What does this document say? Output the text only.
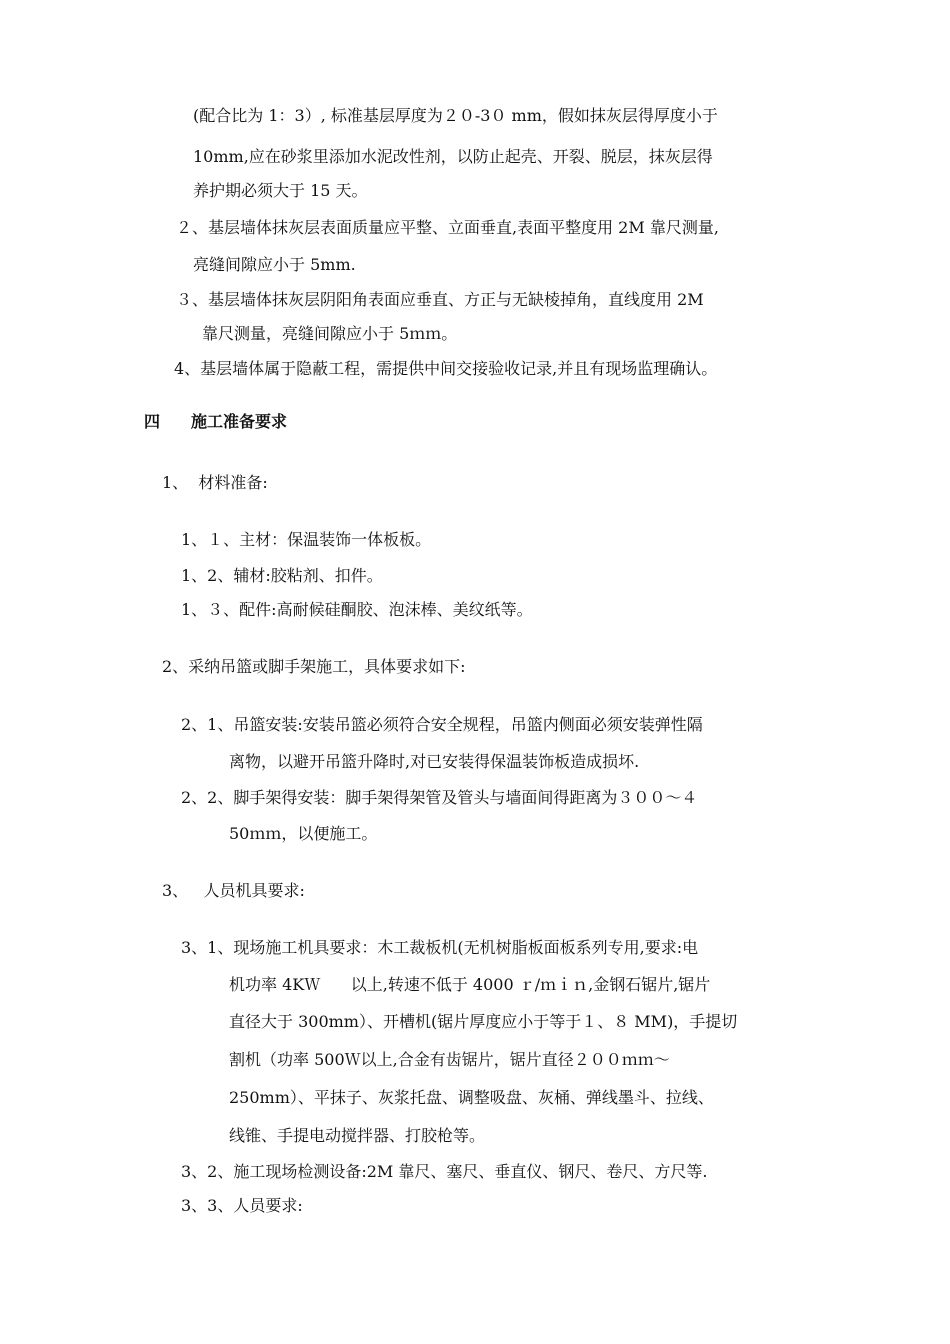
(配合比为 1：3）, 标准基层厚度为２０-3０ mm，假如抹灰层得厚度小于
10mm,应在砂浆里添加水泥改性剂，以防止起壳、开裂、脱层，抹灰层得
养护期必须大于 15 天。
２、基层墙体抹灰层表面质量应平整、立面垂直,表面平整度用 2M 靠尺测量,
亮缝间隙应小于 5mm.
３、基层墙体抹灰层阴阳角表面应垂直、方正与无缺棱掉角，直线度用 2M
靠尺测量，亮缝间隙应小于 5ｍｍ。
4、基层墙体属于隐蔽工程，需提供中间交接验收记录,并且有现场监理确认。
四 施工准备要求
1、  材料准备:
1、１、主材：保温装饰一体板板。
1、2、辅材:胶粘剂、扣件。
1、３、配件:高耐候硅酮胶、泡沫棒、美纹纸等。
2、采纳吊篮或脚手架施工，具体要求如下:
2、1、吊篮安装:安装吊篮必须符合安全规程，吊篮内侧面必须安装弹性隔
离物，以避开吊篮升降时,对已安装得保温装饰板造成损坏.
2、2、脚手架得安装：脚手架得架管及管头与墙面间得距离为３００～４
50ｍｍ，以便施工。
3、   人员机具要求:
3、1、现场施工机具要求：木工裁板机(无机树脂板面板系列专用,要求:电
机功率 4KＷ      以上,转速不低于 4000 ｒ/ｍｉｎ,金钢石锯片,锯片
直径大于 300mm）、开槽机(锯片厚度应小于等于１、８ MM)，手提切
割机（功率 500Ｗ以上,合金有齿锯片，锯片直径２００ｍｍ～
250mm）、平抹子、灰浆托盘、调整吸盘、灰桶、弹线墨斗、拉线、
线锥、手提电动搅拌器、打胶枪等。
3、2、施工现场检测设备:2M 靠尺、塞尺、垂直仪、钢尺、卷尺、方尺等.
3、3、人员要求:
